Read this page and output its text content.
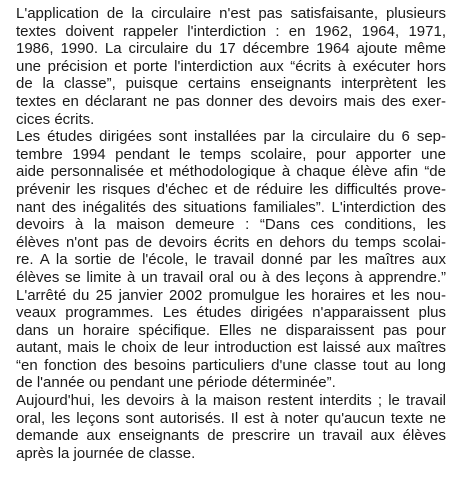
L'application de la circulaire n'est pas satisfaisante, plusieurs
textes doivent rappeler l'interdiction : en 1962, 1964, 1971,
1986, 1990. La circulaire du 17 décembre 1964 ajoute même
une précision et porte l'interdiction aux “écrits à exécuter hors
de la classe”, puisque certains enseignants interprètent les
textes en déclarant ne pas donner des devoirs mais des exer-
cices écrits.
Les études dirigées sont installées par la circulaire du 6 sep-
tembre 1994 pendant le temps scolaire, pour apporter une
aide personnalisée et méthodologique à chaque élève afin “de
prévenir les risques d'échec et de réduire les difficultés prove-
nant des inégalités des situations familiales”. L'interdiction des
devoirs à la maison demeure : “Dans ces conditions, les
élèves n'ont pas de devoirs écrits en dehors du temps scolai-
re. A la sortie de l'école, le travail donné par les maîtres aux
élèves se limite à un travail oral ou à des leçons à apprendre.”
L'arrêté du 25 janvier 2002 promulgue les horaires et les nou-
veaux programmes. Les études dirigées n'apparaissent plus
dans un horaire spécifique. Elles ne disparaissent pas pour
autant, mais le choix de leur introduction est laissé aux maîtres
“en fonction des besoins particuliers d'une classe tout au long
de l'année ou pendant une période déterminée”.
Aujourd'hui, les devoirs à la maison restent interdits ; le travail
oral, les leçons sont autorisés. Il est à noter qu'aucun texte ne
demande aux enseignants de prescrire un travail aux élèves
après la journée de classe.
